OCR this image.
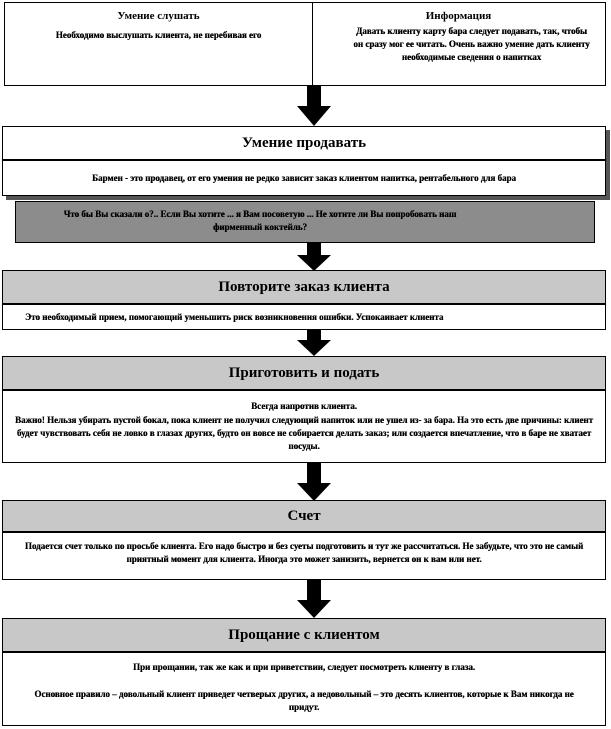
Умение слушать
Необходимо выслушать клиента, не перебивая его
Информация
Давать клиенту карту бара следует подавать, так, чтобы он сразу мог ее читать. Очень важно умение дать клиенту необходимые сведения о напитках
Умение продавать
Бармен - это продавец, от его умения не редко зависит заказ клиентом напитка, рентабельного для бара
Что бы Вы сказали о?.. Если Вы хотите ... я Вам посоветую ... Не хотите ли Вы попробовать наш фирменный коктейль?
Повторите заказ клиента
Это необходимый прием, помогающий уменьшить риск возникновения ошибки. Успокаивает клиента
Приготовить и подать
Всегда напротив клиента.
Важно! Нельзя убирать пустой бокал, пока клиент не получил следующий напиток или не ушел из- за бара. На это есть две причины: клиент будет чувствовать себя не ловко в глазах других, будто он вовсе не собирается делать заказ; или создается впечатление, что в баре не хватает посуды.
Счет
Подается счет только по просьбе клиента. Его надо быстро и без суеты подготовить и тут же рассчитаться. Не забудьте, что это не самый приятный момент для клиента. Иногда это может занизить, вернется он к вам или нет.
Прощание с клиентом
При прощании, так же как и при приветствии, следует посмотреть клиенту в глаза.
Основное правило – довольный клиент приведет четверых других, а недовольный – это десять клиентов, которые к Вам никогда не придут.
